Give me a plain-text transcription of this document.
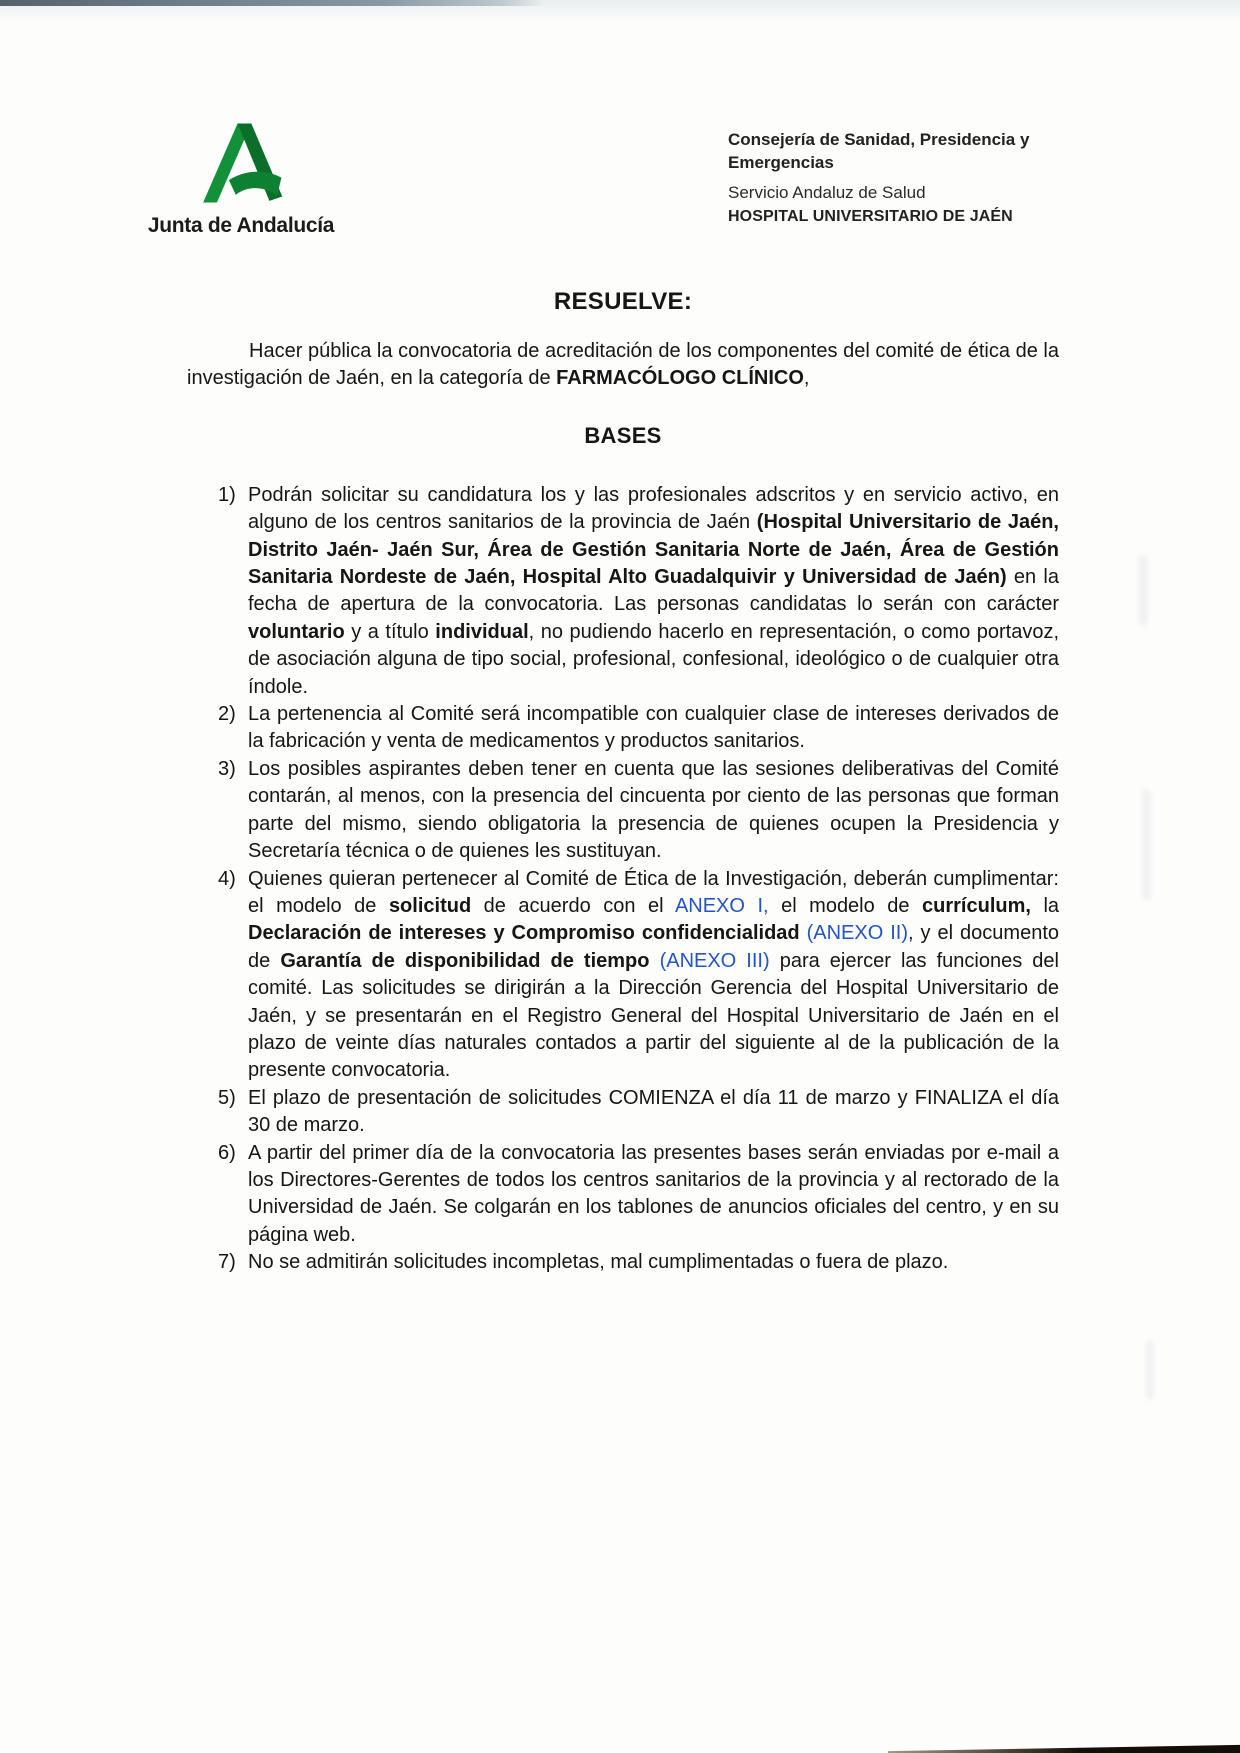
Junta de Andalucía
Consejería de Sanidad, Presidencia y Emergencias
Servicio Andaluz de Salud
HOSPITAL UNIVERSITARIO DE JAÉN
RESUELVE:

Hacer pública la convocatoria de acreditación de los componentes del comité de ética de la investigación de Jaén, en la categoría de FARMACÓLOGO CLÍNICO,

BASES
1) Podrán solicitar su candidatura los y las profesionales adscritos y en servicio activo, en alguno de los centros sanitarios de la provincia de Jaén (Hospital Universitario de Jaén, Distrito Jaén- Jaén Sur, Área de Gestión Sanitaria Norte de Jaén, Área de Gestión Sanitaria Nordeste de Jaén, Hospital Alto Guadalquivir y Universidad de Jaén) en la fecha de apertura de la convocatoria. Las personas candidatas lo serán con carácter voluntario y a título individual, no pudiendo hacerlo en representación, o como portavoz, de asociación alguna de tipo social, profesional, confesional, ideológico o de cualquier otra índole.
2) La pertenencia al Comité será incompatible con cualquier clase de intereses derivados de la fabricación y venta de medicamentos y productos sanitarios.
3) Los posibles aspirantes deben tener en cuenta que las sesiones deliberativas del Comité contarán, al menos, con la presencia del cincuenta por ciento de las personas que forman parte del mismo, siendo obligatoria la presencia de quienes ocupen la Presidencia y Secretaría técnica o de quienes les sustituyan.
4) Quienes quieran pertenecer al Comité de Ética de la Investigación, deberán cumplimentar: el modelo de solicitud de acuerdo con el ANEXO I, el modelo de currículum, la Declaración de intereses y Compromiso confidencialidad (ANEXO II), y el documento de Garantía de disponibilidad de tiempo (ANEXO III) para ejercer las funciones del comité. Las solicitudes se dirigirán a la Dirección Gerencia del Hospital Universitario de Jaén, y se presentarán en el Registro General del Hospital Universitario de Jaén en el plazo de veinte días naturales contados a partir del siguiente al de la publicación de la presente convocatoria.
5) El plazo de presentación de solicitudes COMIENZA el día 11 de marzo y FINALIZA el día 30 de marzo.
6) A partir del primer día de la convocatoria las presentes bases serán enviadas por e-mail a los Directores-Gerentes de todos los centros sanitarios de la provincia y al rectorado de la Universidad de Jaén. Se colgarán en los tablones de anuncios oficiales del centro, y en su página web.
7) No se admitirán solicitudes incompletas, mal cumplimentadas o fuera de plazo.
